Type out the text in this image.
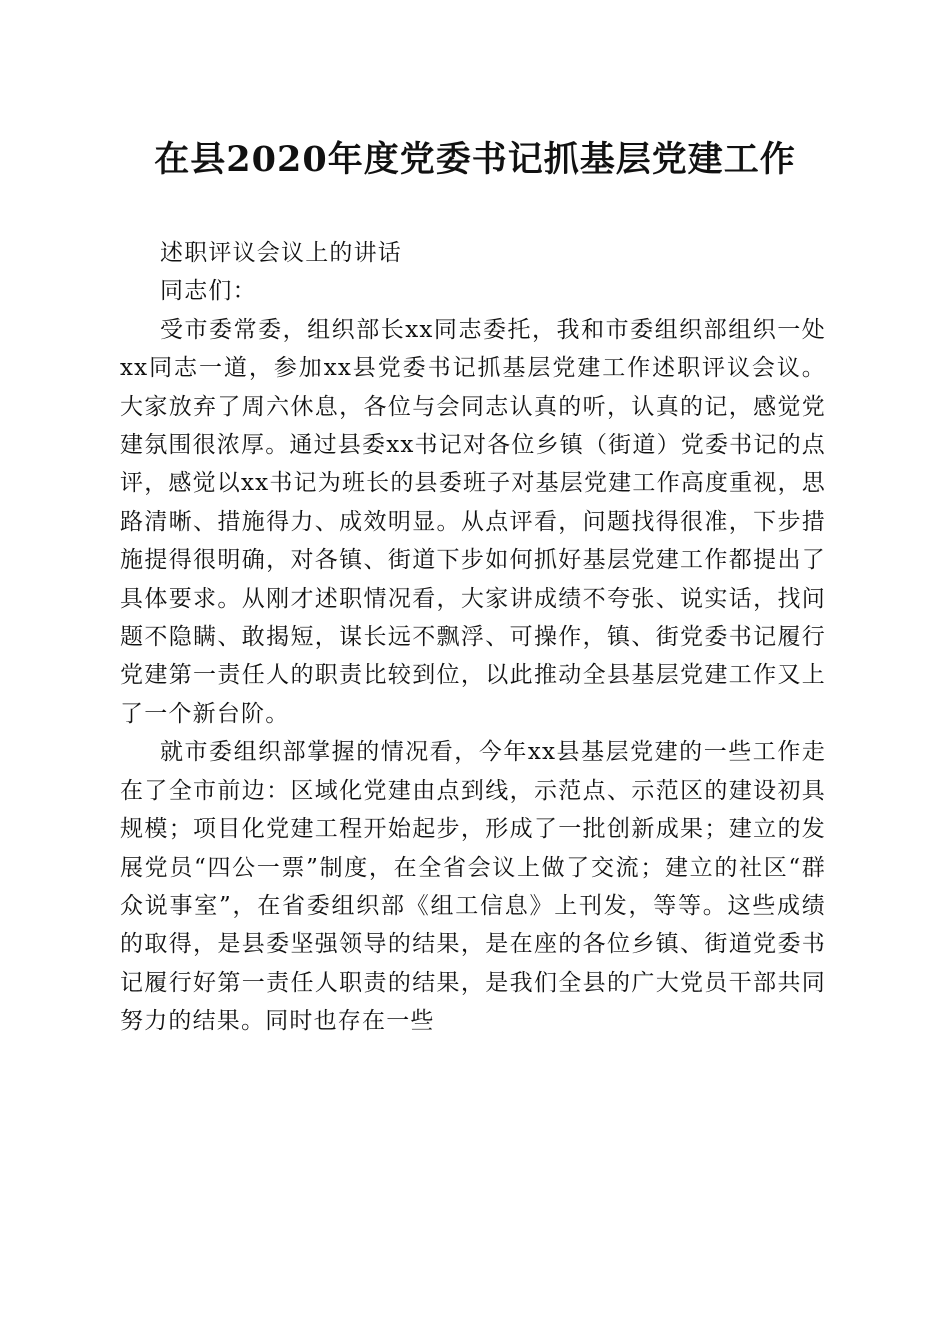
在县2020年度党委书记抓基层党建工作

述职评议会议上的讲话

同志们：

受市委常委，组织部长xx同志委托，我和市委组织部组织一处xx同志一道，参加xx县党委书记抓基层党建工作述职评议会议。大家放弃了周六休息，各位与会同志认真的听，认真的记，感觉党建氛围很浓厚。通过县委xx书记对各位乡镇（街道）党委书记的点评，感觉以xx书记为班长的县委班子对基层党建工作高度重视，思路清晰、措施得力、成效明显。从点评看，问题找得很准，下步措施提得很明确，对各镇、街道下步如何抓好基层党建工作都提出了具体要求。从刚才述职情况看，大家讲成绩不夸张、说实话，找问题不隐瞒、敢揭短，谋长远不飘浮、可操作，镇、街党委书记履行党建第一责任人的职责比较到位，以此推动全县基层党建工作又上了一个新台阶。

就市委组织部掌握的情况看，今年xx县基层党建的一些工作走在了全市前边：区域化党建由点到线，示范点、示范区的建设初具规模；项目化党建工程开始起步，形成了一批创新成果；建立的发展党员“四公一票”制度，在全省会议上做了交流；建立的社区“群众说事室”，在省委组织部《组工信息》上刊发，等等。这些成绩的取得，是县委坚强领导的结果，是在座的各位乡镇、街道党委书记履行好第一责任人职责的结果，是我们全县的广大党员干部共同努力的结果。同时也存在一些
